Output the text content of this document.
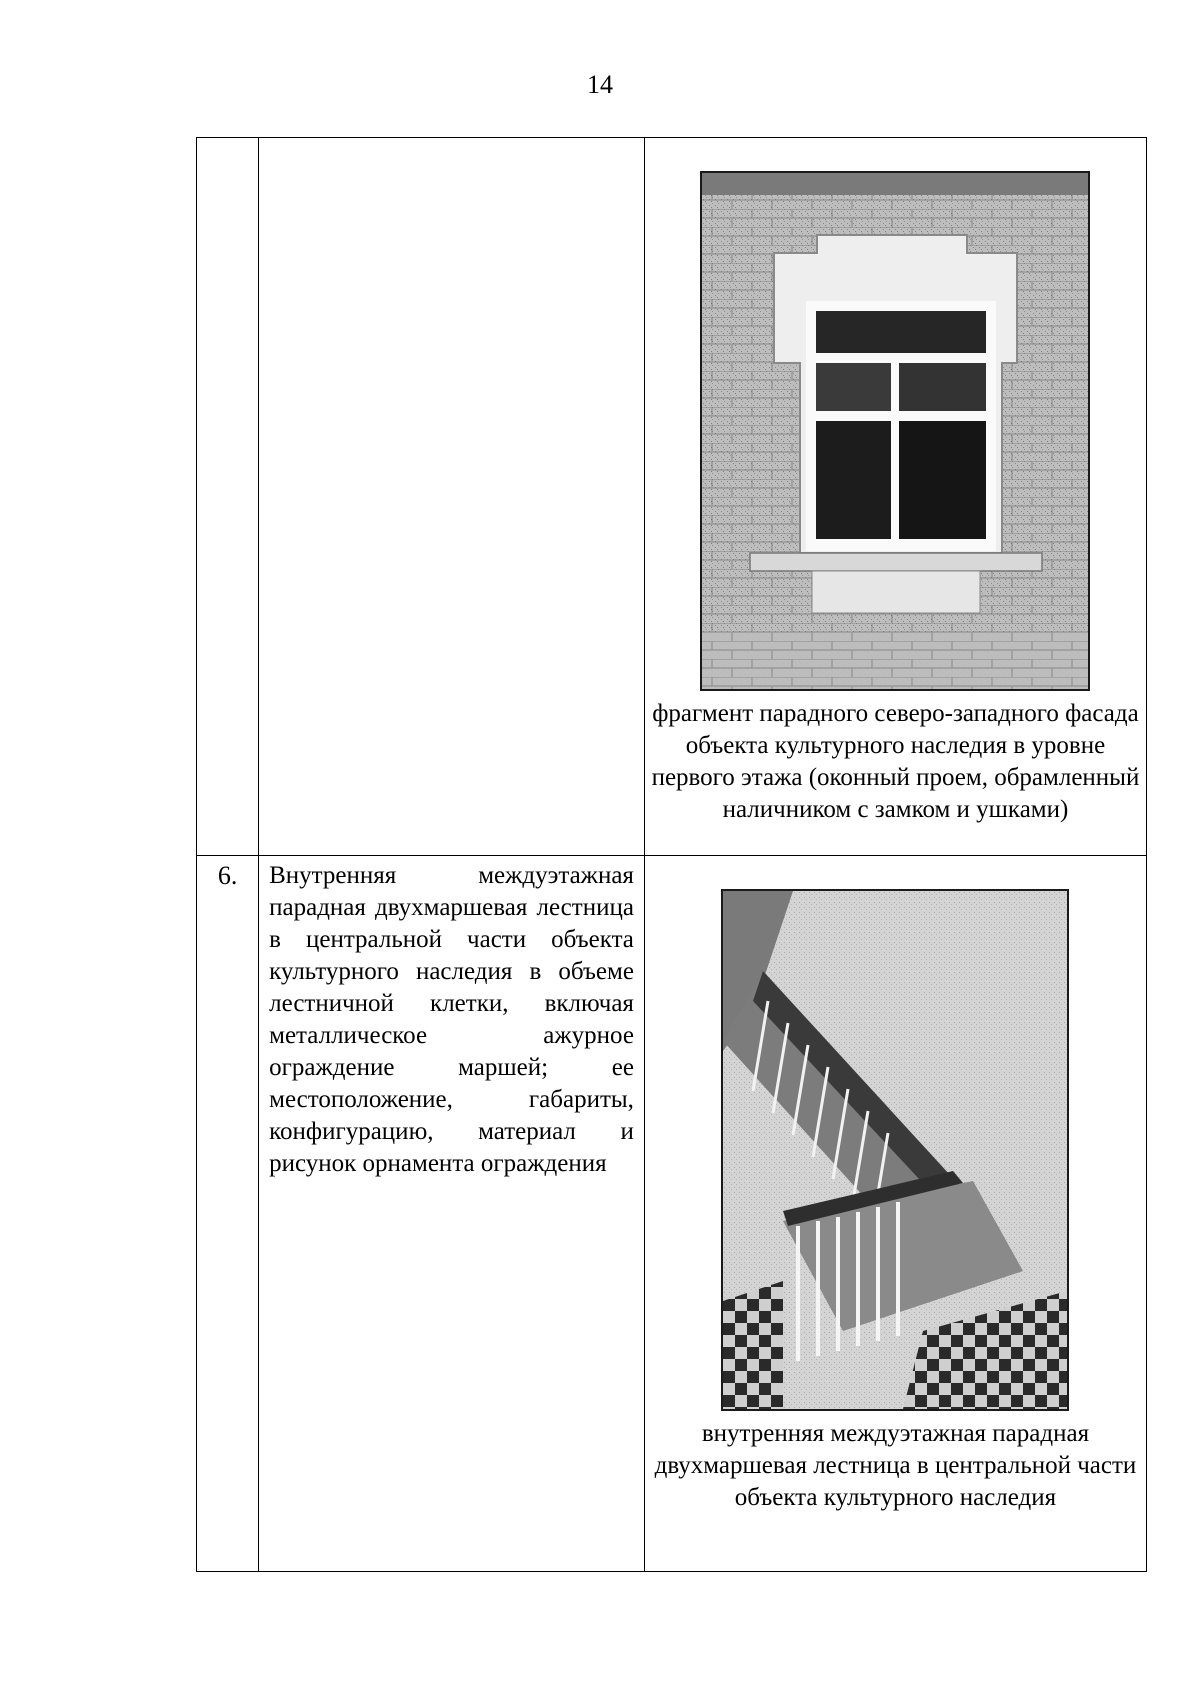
14

		фрагмент парадного северо-западного фасада объекта культурного наследия в уровне первого этажа (оконный проем, обрамленный наличником с замком и ушками)

6.	Внутренняя междуэтажная парадная двухмаршевая лестница в центральной части объекта культурного наследия в объеме лестничной клетки, включая металлическое ажурное ограждение маршей; ее местоположение, габариты, конфигурацию, материал и рисунок орнамента ограждения	внутренняя междуэтажная парадная двухмаршевая лестница в центральной части объекта культурного наследия
